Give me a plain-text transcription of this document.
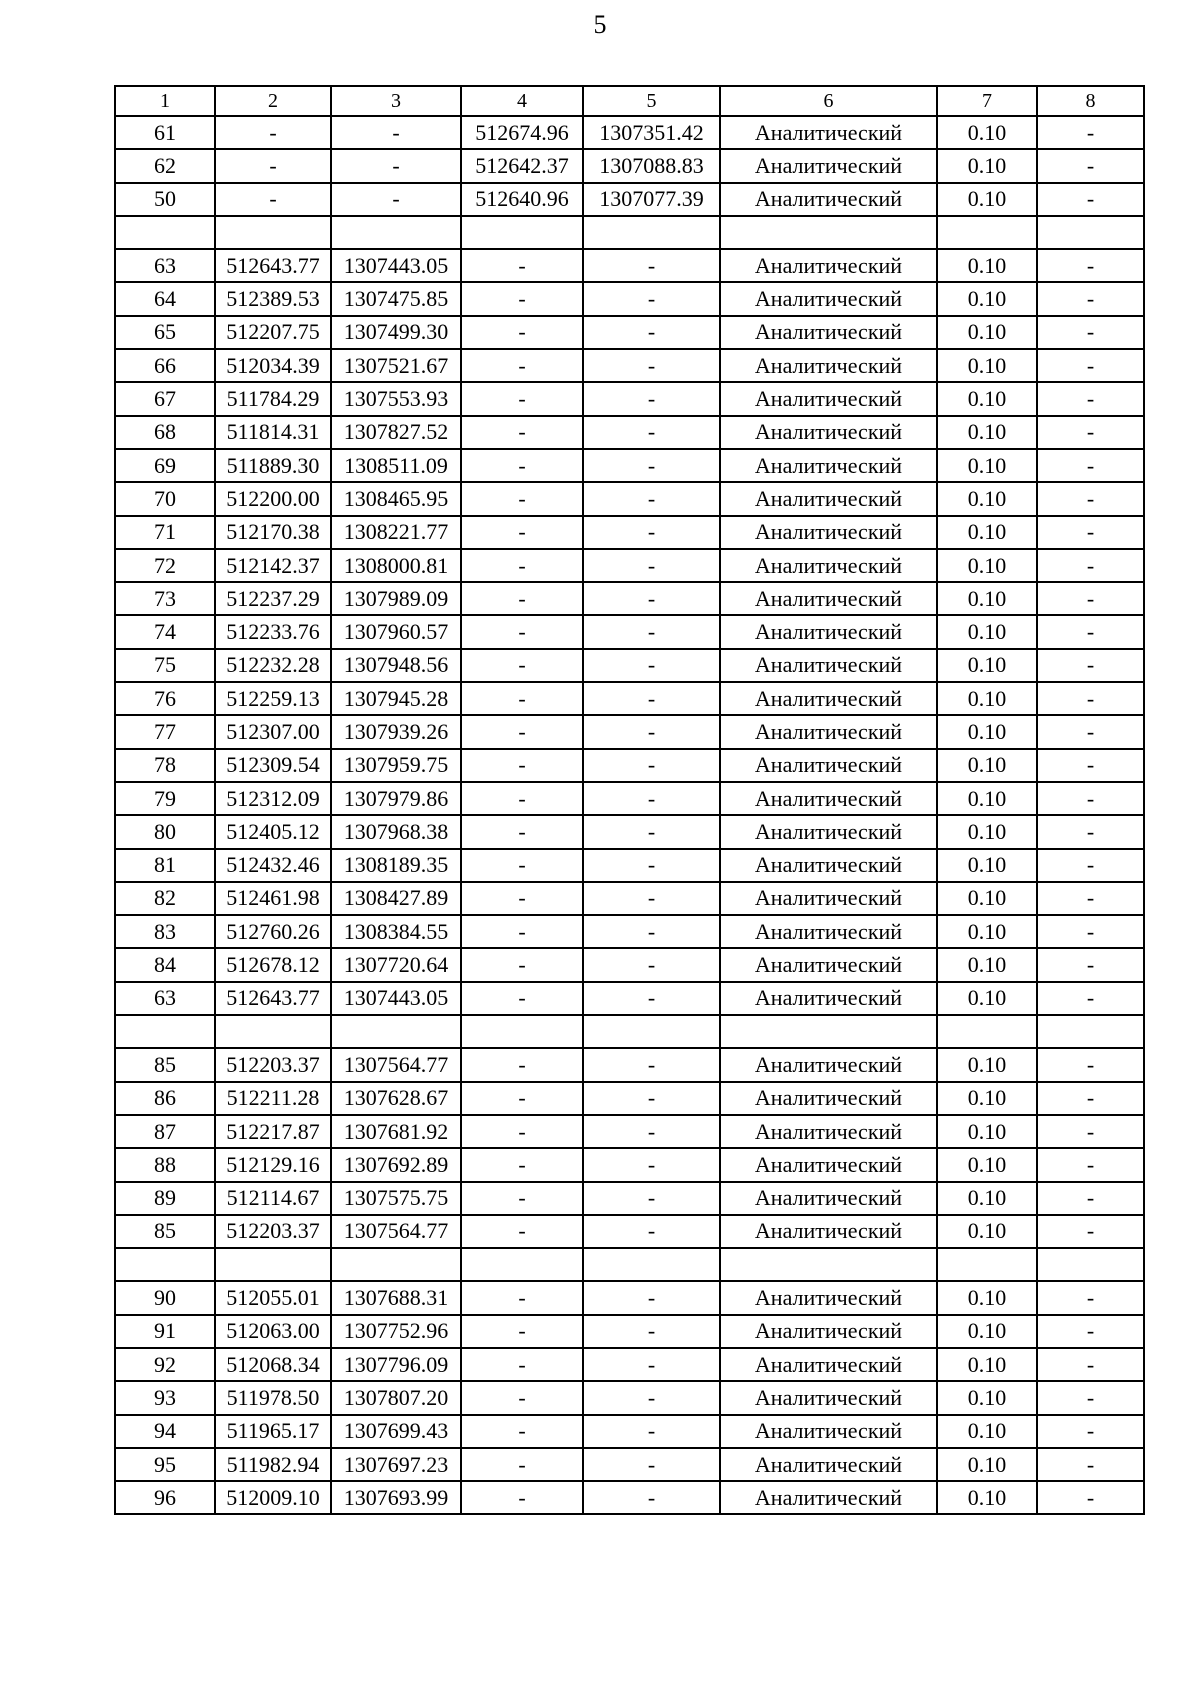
5
1	2	3	4	5	6	7	8
61	-	-	512674.96	1307351.42	Аналитический	0.10	-
62	-	-	512642.37	1307088.83	Аналитический	0.10	-
50	-	-	512640.96	1307077.39	Аналитический	0.10	-

63	512643.77	1307443.05	-	-	Аналитический	0.10	-
64	512389.53	1307475.85	-	-	Аналитический	0.10	-
65	512207.75	1307499.30	-	-	Аналитический	0.10	-
66	512034.39	1307521.67	-	-	Аналитический	0.10	-
67	511784.29	1307553.93	-	-	Аналитический	0.10	-
68	511814.31	1307827.52	-	-	Аналитический	0.10	-
69	511889.30	1308511.09	-	-	Аналитический	0.10	-
70	512200.00	1308465.95	-	-	Аналитический	0.10	-
71	512170.38	1308221.77	-	-	Аналитический	0.10	-
72	512142.37	1308000.81	-	-	Аналитический	0.10	-
73	512237.29	1307989.09	-	-	Аналитический	0.10	-
74	512233.76	1307960.57	-	-	Аналитический	0.10	-
75	512232.28	1307948.56	-	-	Аналитический	0.10	-
76	512259.13	1307945.28	-	-	Аналитический	0.10	-
77	512307.00	1307939.26	-	-	Аналитический	0.10	-
78	512309.54	1307959.75	-	-	Аналитический	0.10	-
79	512312.09	1307979.86	-	-	Аналитический	0.10	-
80	512405.12	1307968.38	-	-	Аналитический	0.10	-
81	512432.46	1308189.35	-	-	Аналитический	0.10	-
82	512461.98	1308427.89	-	-	Аналитический	0.10	-
83	512760.26	1308384.55	-	-	Аналитический	0.10	-
84	512678.12	1307720.64	-	-	Аналитический	0.10	-
63	512643.77	1307443.05	-	-	Аналитический	0.10	-

85	512203.37	1307564.77	-	-	Аналитический	0.10	-
86	512211.28	1307628.67	-	-	Аналитический	0.10	-
87	512217.87	1307681.92	-	-	Аналитический	0.10	-
88	512129.16	1307692.89	-	-	Аналитический	0.10	-
89	512114.67	1307575.75	-	-	Аналитический	0.10	-
85	512203.37	1307564.77	-	-	Аналитический	0.10	-

90	512055.01	1307688.31	-	-	Аналитический	0.10	-
91	512063.00	1307752.96	-	-	Аналитический	0.10	-
92	512068.34	1307796.09	-	-	Аналитический	0.10	-
93	511978.50	1307807.20	-	-	Аналитический	0.10	-
94	511965.17	1307699.43	-	-	Аналитический	0.10	-
95	511982.94	1307697.23	-	-	Аналитический	0.10	-
96	512009.10	1307693.99	-	-	Аналитический	0.10	-
